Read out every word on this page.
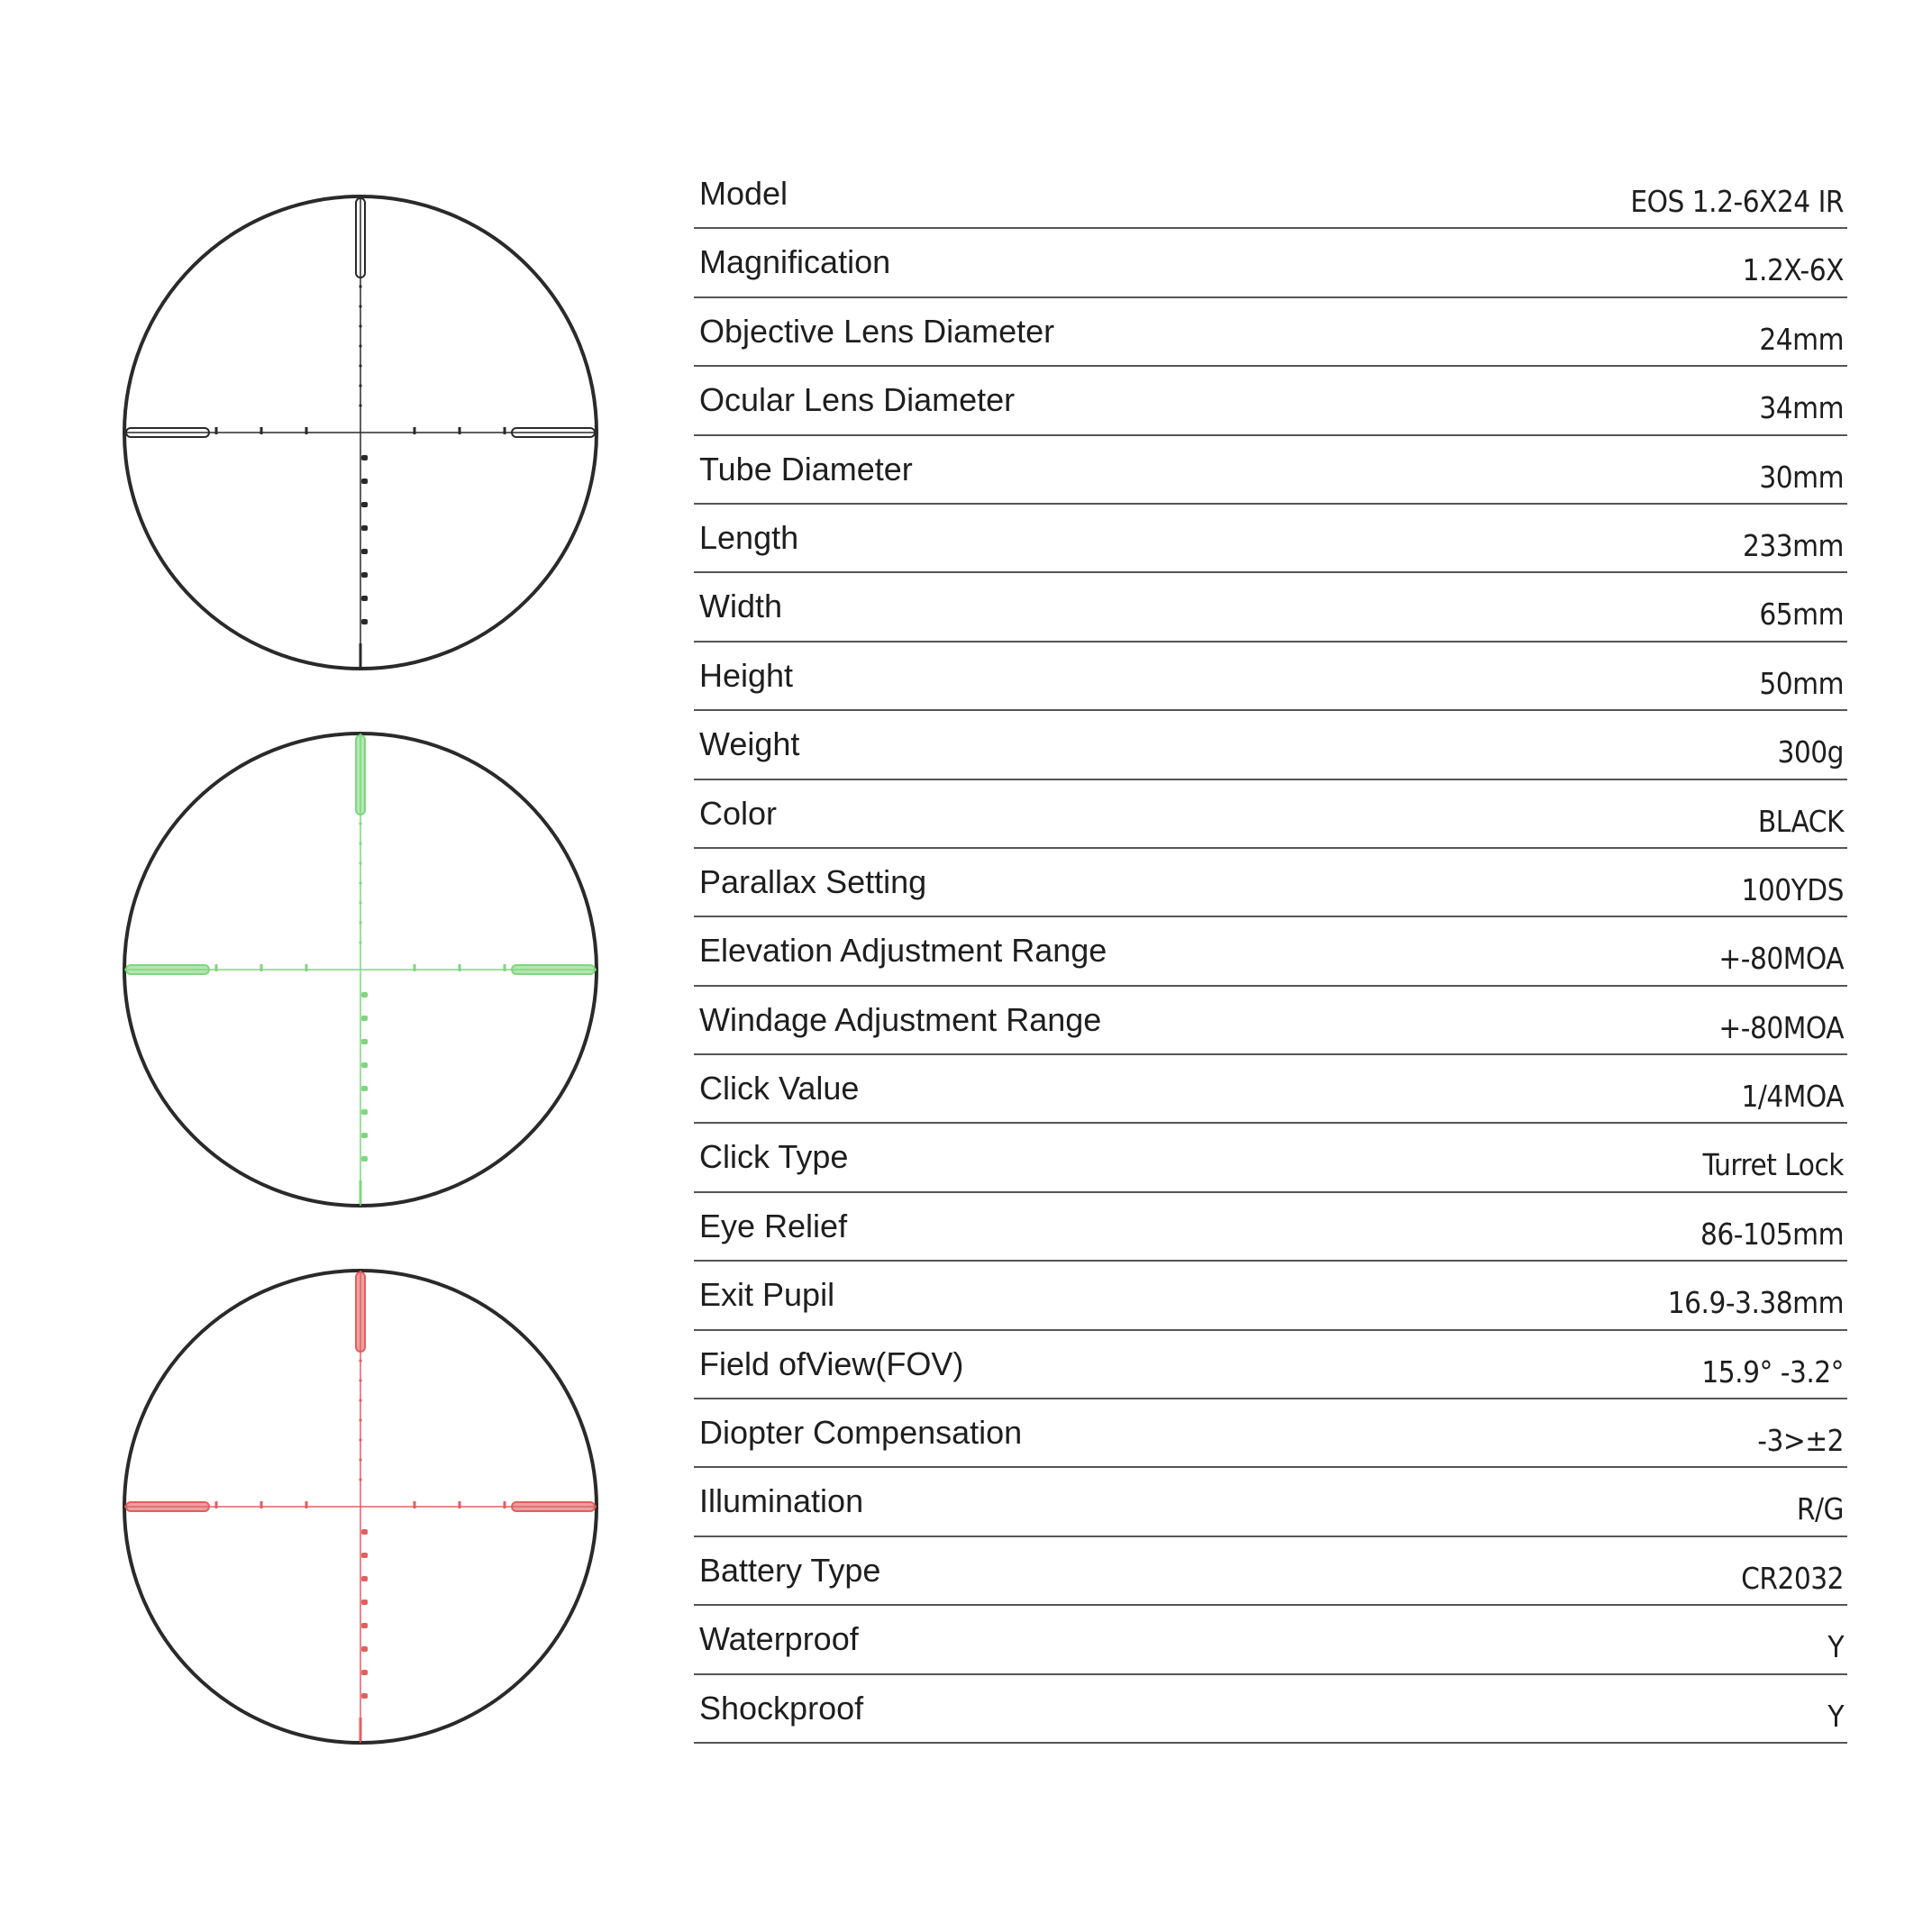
Model	EOS 1.2-6X24 IR
Magnification	1.2X-6X
Objective Lens Diameter	24mm
Ocular Lens Diameter	34mm
Tube Diameter	30mm
Length	233mm
Width	65mm
Height	50mm
Weight	300g
Color	BLACK
Parallax Setting	100YDS
Elevation Adjustment Range	+-80MOA
Windage Adjustment Range	+-80MOA
Click Value	1/4MOA
Click Type	Turret Lock
Eye Relief	86-105mm
Exit Pupil	16.9-3.38mm
Field ofView(FOV)	15.9° -3.2°
Diopter Compensation	-3>±2
Illumination	R/G
Battery Type	CR2032
Waterproof	Y
Shockproof	Y
